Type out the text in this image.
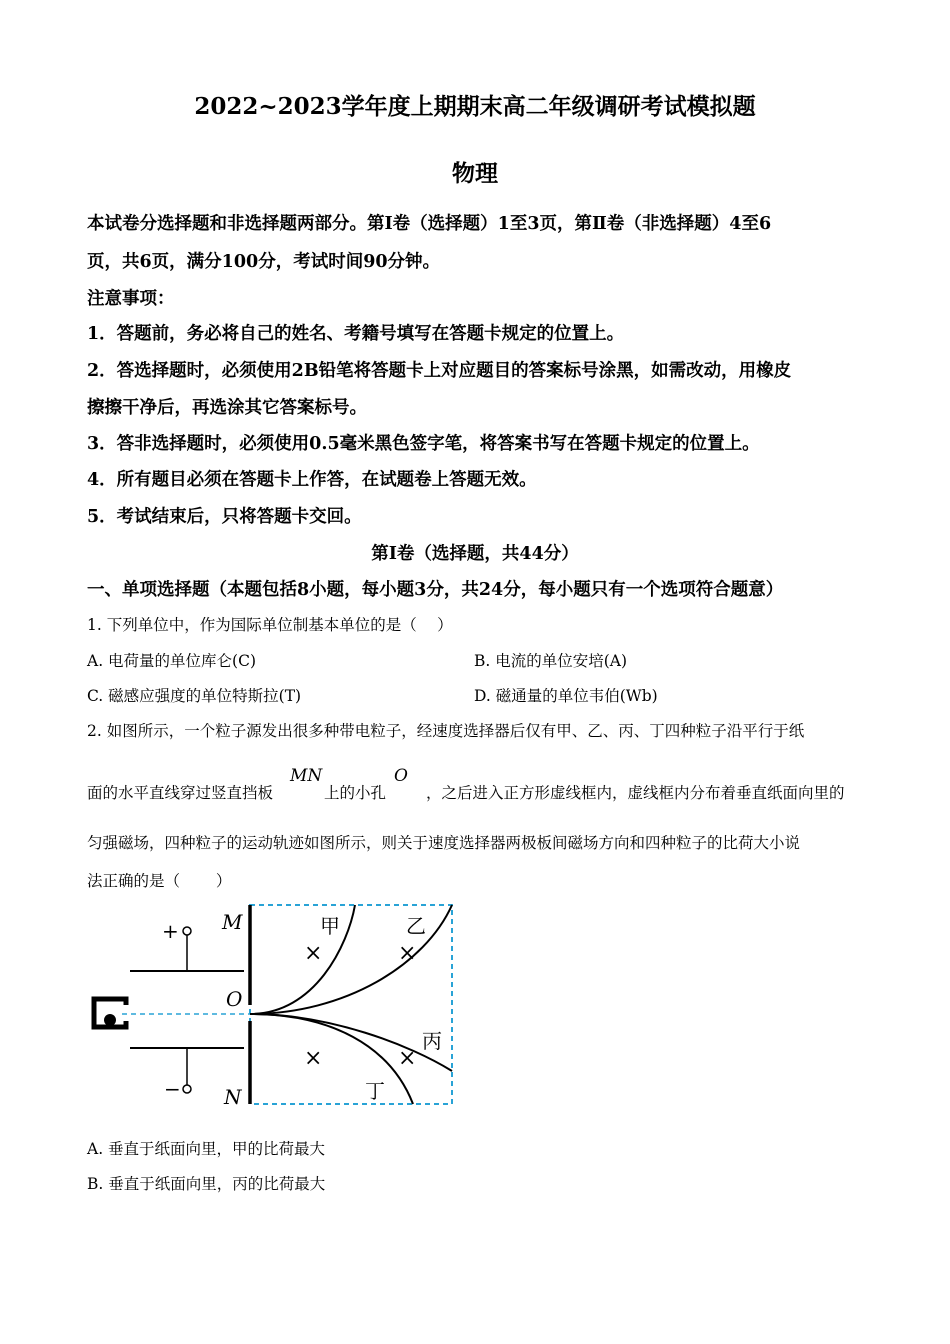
2022~2023学年度上期期末高二年级调研考试模拟题
物理
本试卷分选择题和非选择题两部分。第Ⅰ卷（选择题）1至3页，第Ⅱ卷（非选择题）4至6
页，共6页，满分100分，考试时间90分钟。
注意事项：
1．答题前，务必将自己的姓名、考籍号填写在答题卡规定的位置上。
2．答选择题时，必须使用2B铅笔将答题卡上对应题目的答案标号涂黑，如需改动，用橡皮
擦擦干净后，再选涂其它答案标号。
3．答非选择题时，必须使用0.5毫米黑色签字笔，将答案书写在答题卡规定的位置上。
4．所有题目必须在答题卡上作答，在试题卷上答题无效。
5．考试结束后，只将答题卡交回。
第Ⅰ卷（选择题，共44分）
一、单项选择题（本题包括8小题，每小题3分，共24分，每小题只有一个选项符合题意）
1. 下列单位中，作为国际单位制基本单位的是（　 ）
A. 电荷量的单位库仑(C)	B. 电流的单位安培(A)
C. 磁感应强度的单位特斯拉(T)	D. 磁通量的单位韦伯(Wb)
2. 如图所示，一个粒子源发出很多种带电粒子，经速度选择器后仅有甲、乙、丙、丁四种粒子沿平行于纸
面的水平直线穿过竖直挡板
MN
上的小孔
O
，之后进入正方形虚线框内，虚线框内分布着垂直纸面向里的
匀强磁场，四种粒子的运动轨迹如图所示，则关于速度选择器两极板间磁场方向和四种粒子的比荷大小说
法正确的是（　　 ）
+
−
M
O
N
甲	乙
丙
丁
×	×
×	×
A. 垂直于纸面向里，甲的比荷最大
B. 垂直于纸面向里，丙的比荷最大
